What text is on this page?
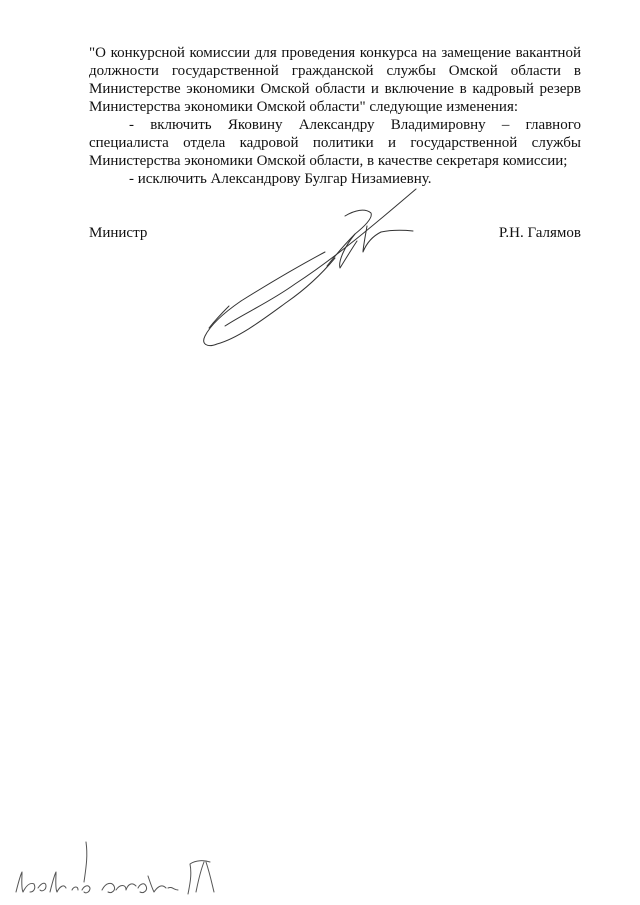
"О конкурсной комиссии для проведения конкурса на замещение вакантной должности государственной гражданской службы Омской области в Министерстве экономики Омской области и включение в кадровый резерв Министерства экономики Омской области" следующие изменения:

- включить Яковину Александру Владимировну – главного специалиста отдела кадровой политики и государственной службы Министерства экономики Омской области, в качестве секретаря комиссии;

- исключить Александрову Булгар Низамиевну.

Министр	Р.Н. Галямов
